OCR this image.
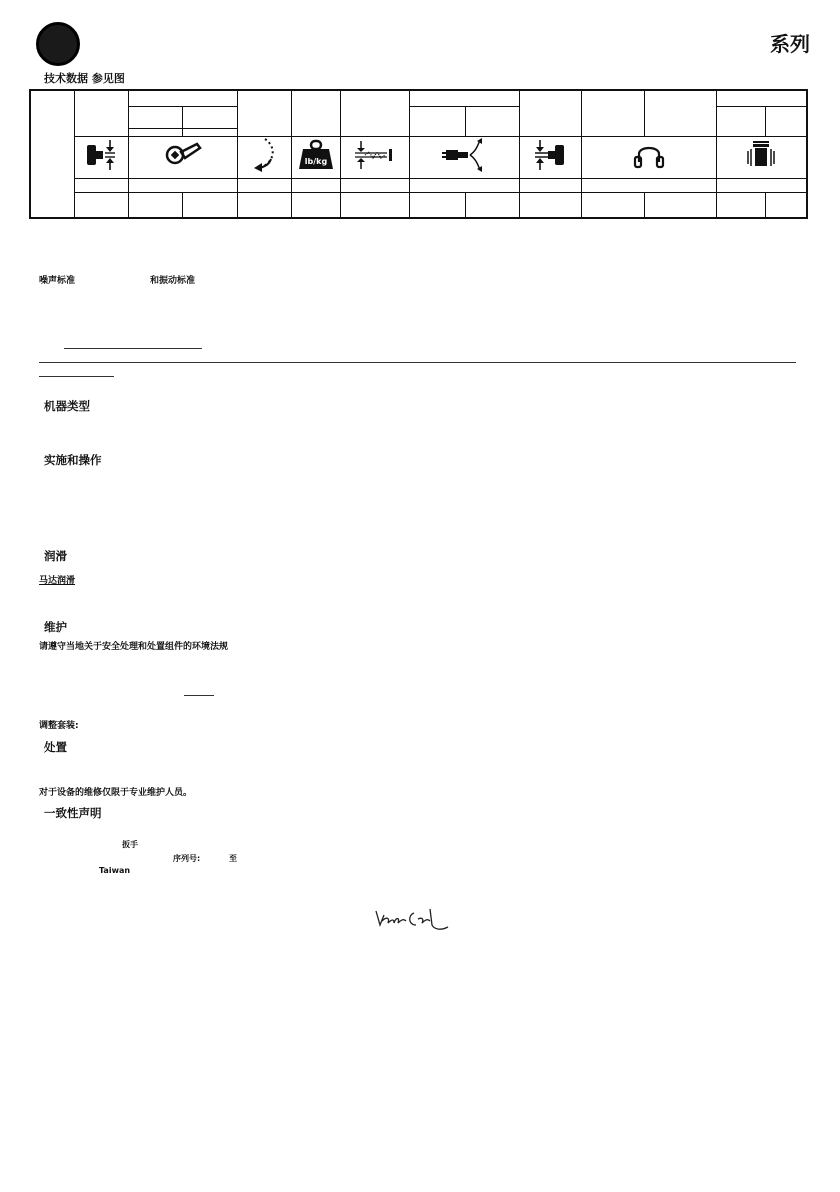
系列
技术数据 参见图

lb/kg

噪声标准	和振动标准
机器类型
实施和操作
润滑
马达润滑
维护
请遵守当地关于安全处理和处置组件的环境法规
调整套装:
处置
对于设备的维修仅限于专业维护人员。
一致性声明
扳手
序列号:	至
Taiwan
